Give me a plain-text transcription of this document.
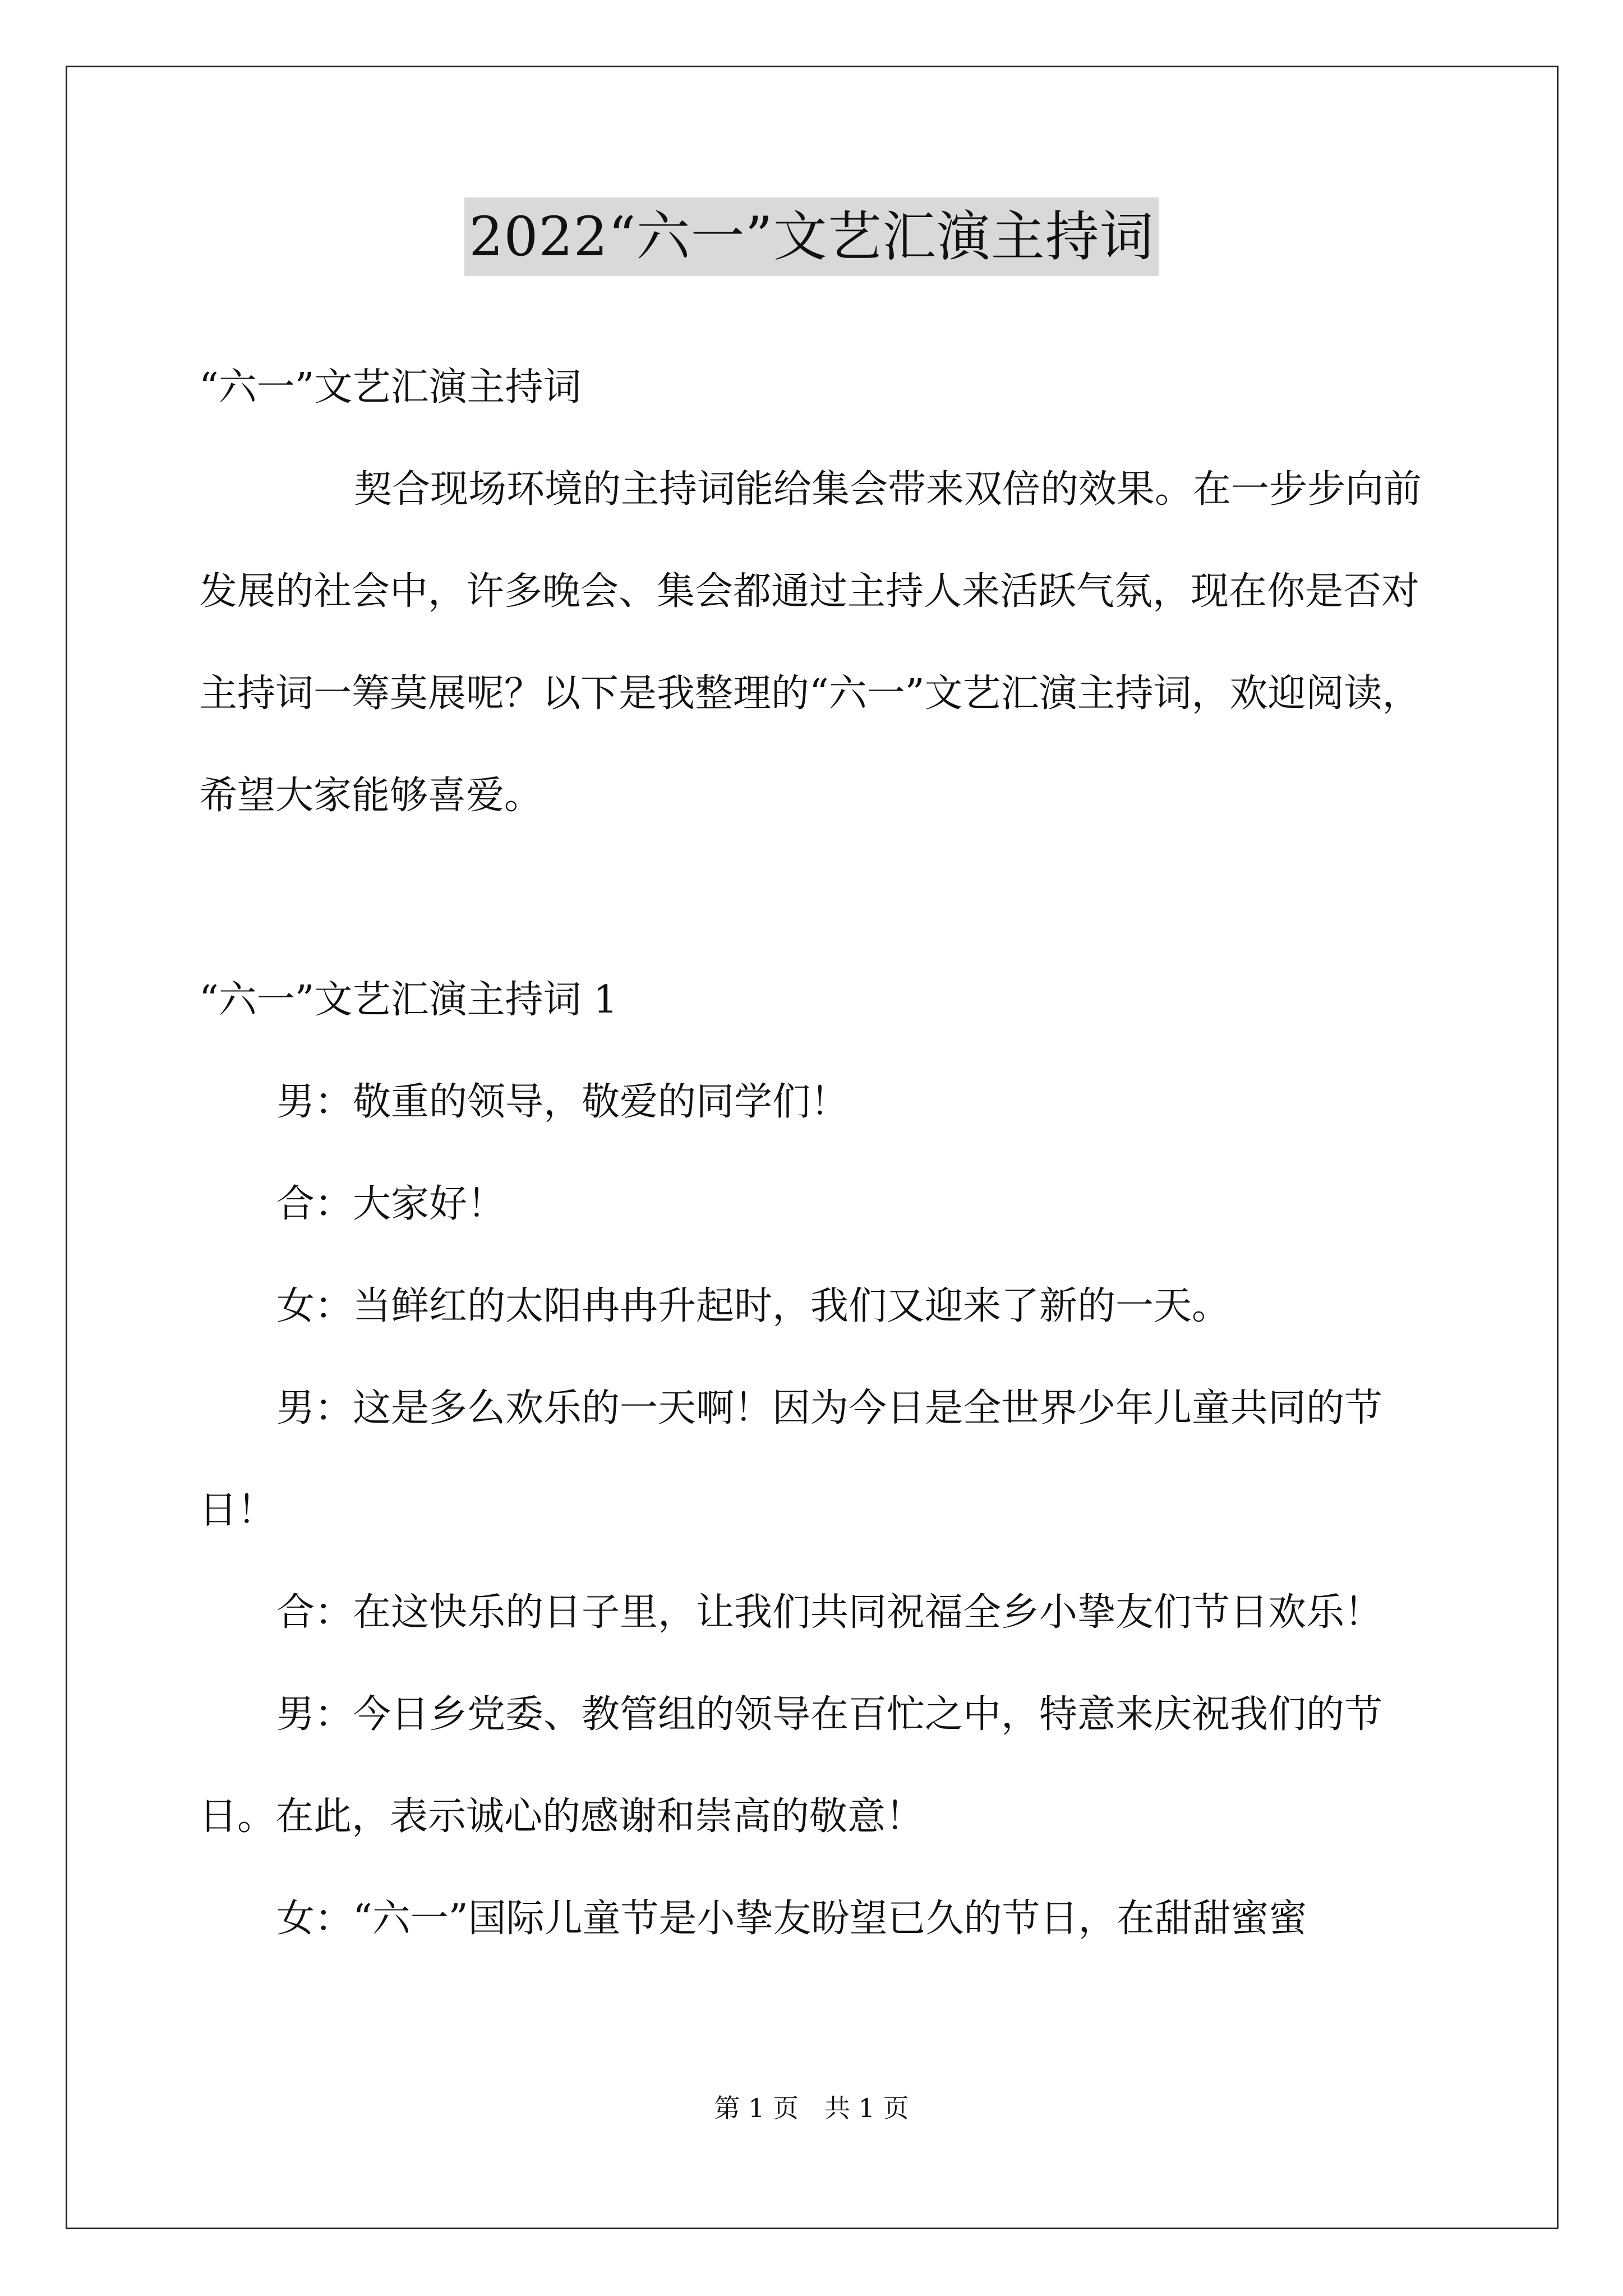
2022“六一”文艺汇演主持词

“六一”文艺汇演主持词

契合现场环境的主持词能给集会带来双倍的效果。在一步步向前发展的社会中，许多晚会、集会都通过主持人来活跃气氛，现在你是否对主持词一筹莫展呢？以下是我整理的“六一”文艺汇演主持词，欢迎阅读，希望大家能够喜爱。

“六一”文艺汇演主持词 1

男：敬重的领导，敬爱的同学们！

合：大家好！

女：当鲜红的太阳冉冉升起时，我们又迎来了新的一天。

男：这是多么欢乐的一天啊！因为今日是全世界少年儿童共同的节日！

合：在这快乐的日子里，让我们共同祝福全乡小挚友们节日欢乐！

男：今日乡党委、教管组的领导在百忙之中，特意来庆祝我们的节日。在此，表示诚心的感谢和崇高的敬意！

女：“六一”国际儿童节是小挚友盼望已久的节日，在甜甜蜜蜜

第 1 页　共 1 页
